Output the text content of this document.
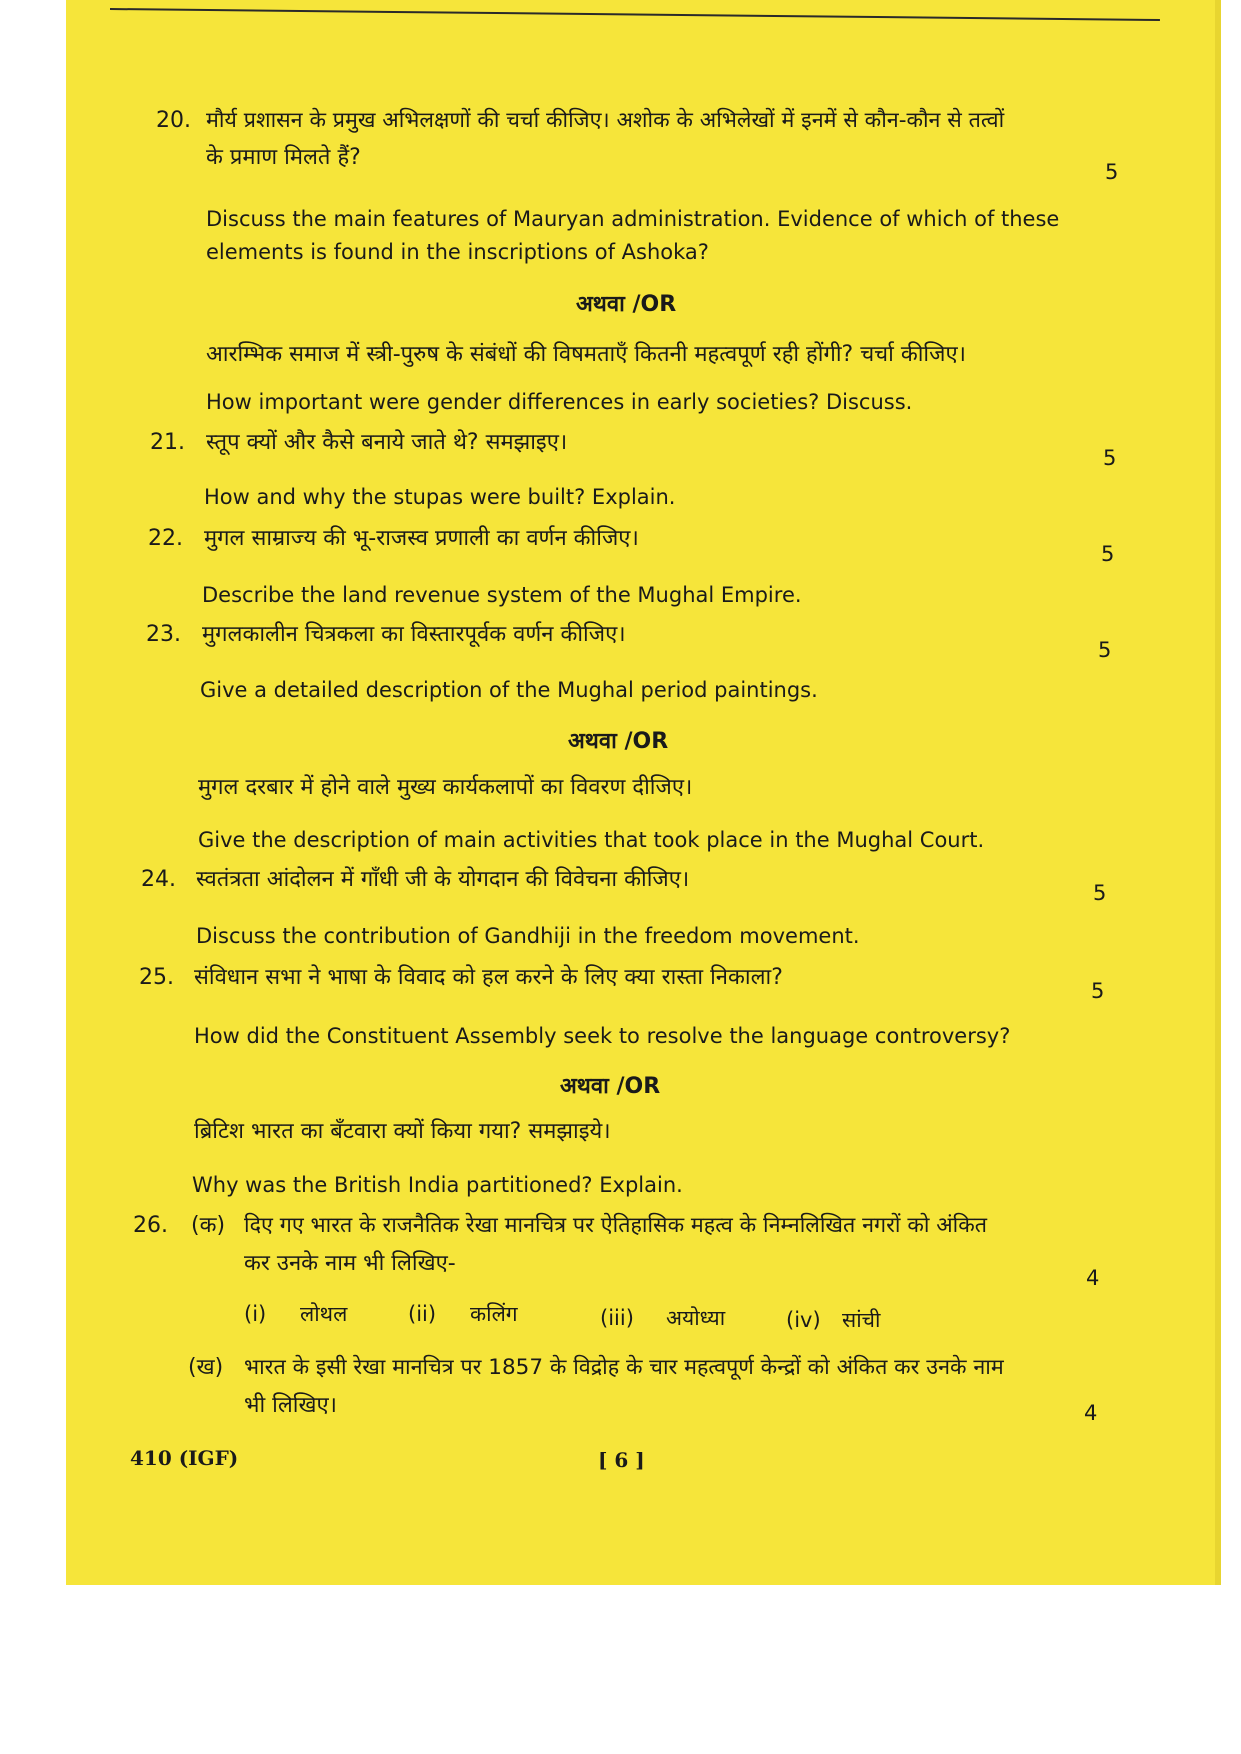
20. मौर्य प्रशासन के प्रमुख अभिलक्षणों की चर्चा कीजिए। अशोक के अभिलेखों में इनमें से कौन-कौन से तत्वों
के प्रमाण मिलते हैं?
5
Discuss the main features of Mauryan administration. Evidence of which of these
elements is found in the inscriptions of Ashoka?
अथवा /OR
आरम्भिक समाज में स्त्री-पुरुष के संबंधों की विषमताएँ कितनी महत्वपूर्ण रही होंगी? चर्चा कीजिए।
How important were gender differences in early societies? Discuss.
21. स्तूप क्यों और कैसे बनाये जाते थे? समझाइए।
5
How and why the stupas were built? Explain.
22. मुगल साम्राज्य की भू-राजस्व प्रणाली का वर्णन कीजिए।
5
Describe the land revenue system of the Mughal Empire.
23. मुगलकालीन चित्रकला का विस्तारपूर्वक वर्णन कीजिए।
5
Give a detailed description of the Mughal period paintings.
अथवा /OR
मुगल दरबार में होने वाले मुख्य कार्यकलापों का विवरण दीजिए।
Give the description of main activities that took place in the Mughal Court.
24. स्वतंत्रता आंदोलन में गाँधी जी के योगदान की विवेचना कीजिए।
5
Discuss the contribution of Gandhiji in the freedom movement.
25. संविधान सभा ने भाषा के विवाद को हल करने के लिए क्या रास्ता निकाला?
5
How did the Constituent Assembly seek to resolve the language controversy?
अथवा /OR
ब्रिटिश भारत का बँटवारा क्यों किया गया? समझाइये।
Why was the British India partitioned? Explain.
26. (क) दिए गए भारत के राजनैतिक रेखा मानचित्र पर ऐतिहासिक महत्व के निम्नलिखित नगरों को अंकित
कर उनके नाम भी लिखिए-
4
(i) लोथल	(ii) कलिंग	(iii) अयोध्या	(iv) सांची
(ख) भारत के इसी रेखा मानचित्र पर 1857 के विद्रोह के चार महत्वपूर्ण केन्द्रों को अंकित कर उनके नाम
भी लिखिए।	4
410 (IGF)	[ 6 ]
